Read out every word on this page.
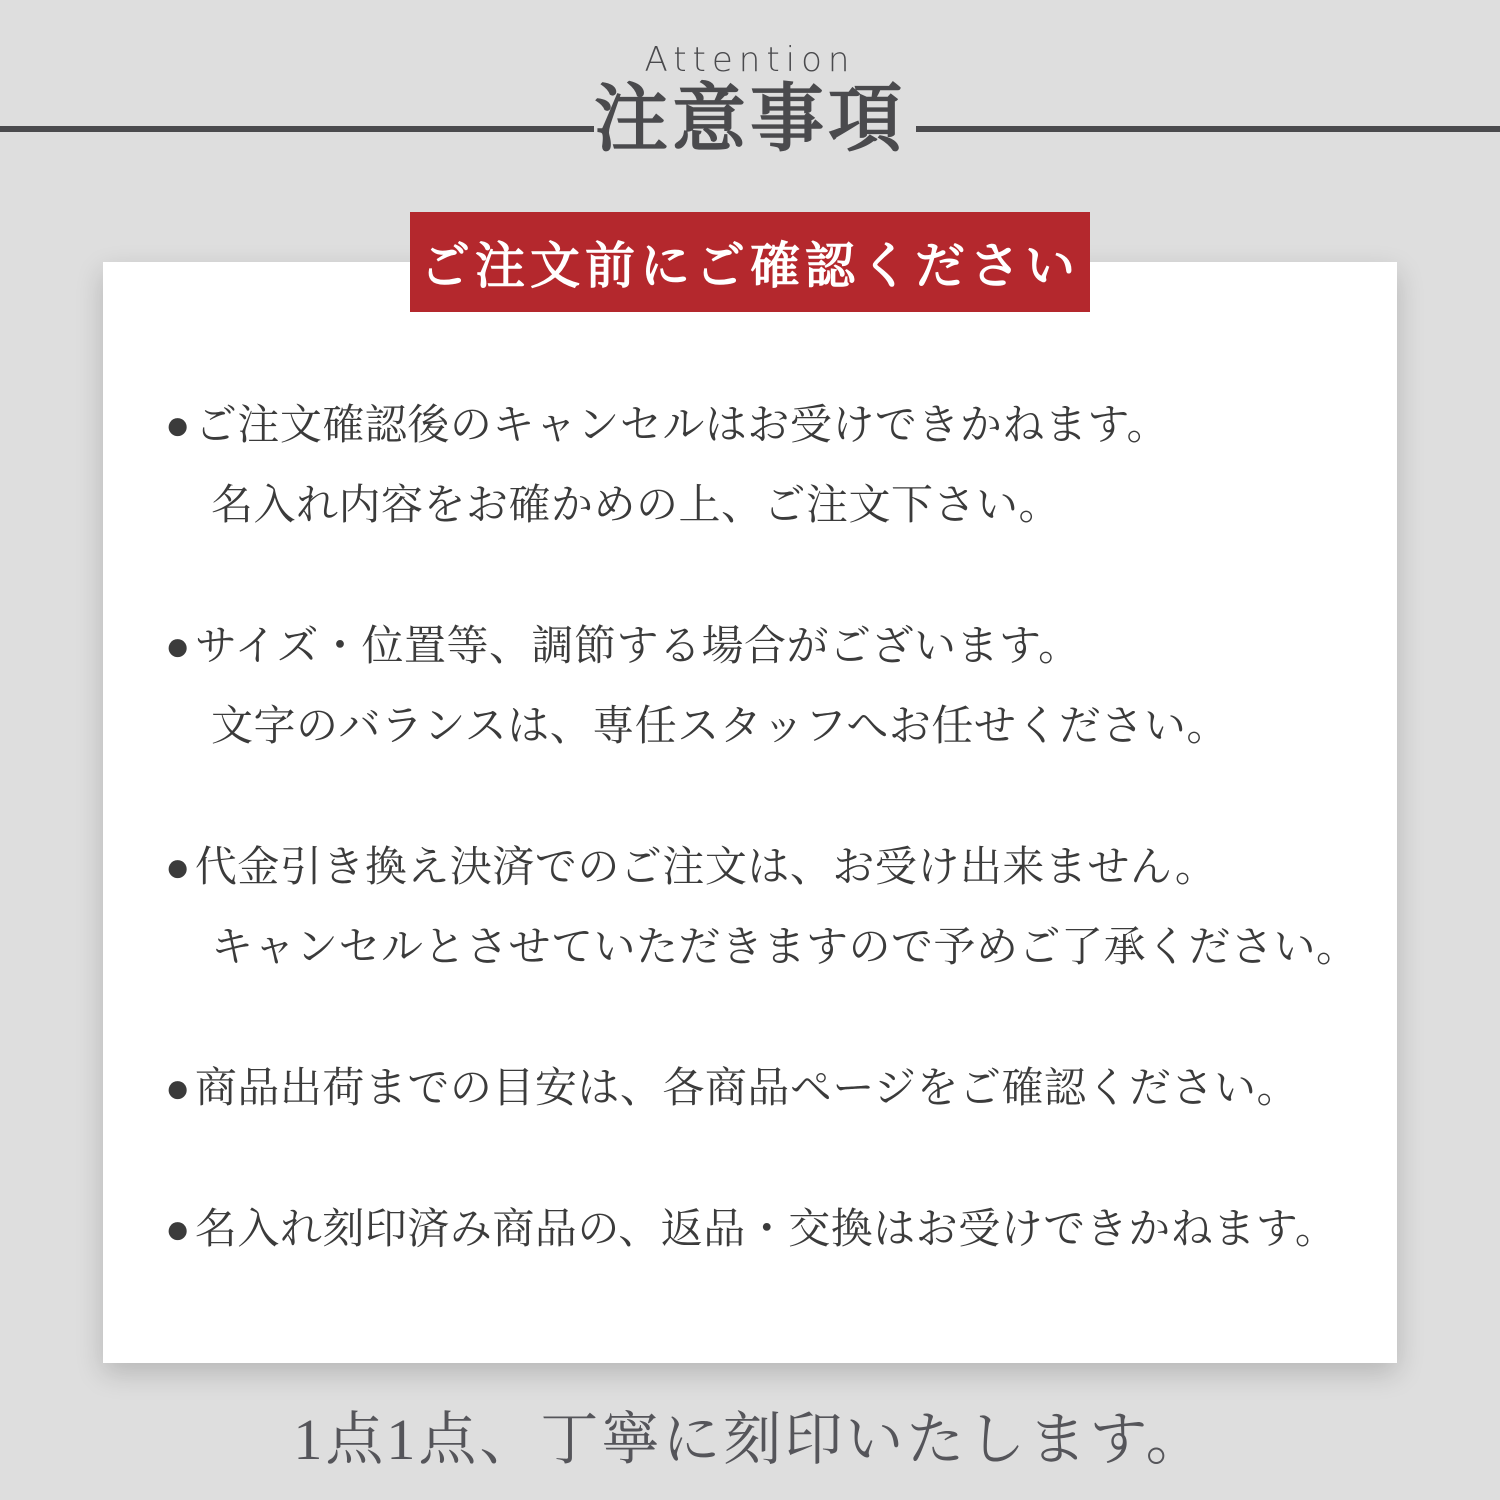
Attention
注意事項
ご注文前にご確認ください
●ご注文確認後のキャンセルはお受けできかねます。
名入れ内容をお確かめの上、ご注文下さい。
●サイズ・位置等、調節する場合がございます。
文字のバランスは、専任スタッフへお任せください。
●代金引き換え決済でのご注文は、お受け出来ません。
キャンセルとさせていただきますので予めご了承ください。
●商品出荷までの目安は、各商品ページをご確認ください。
●名入れ刻印済み商品の、返品・交換はお受けできかねます。
1点1点、丁寧に刻印いたします。
